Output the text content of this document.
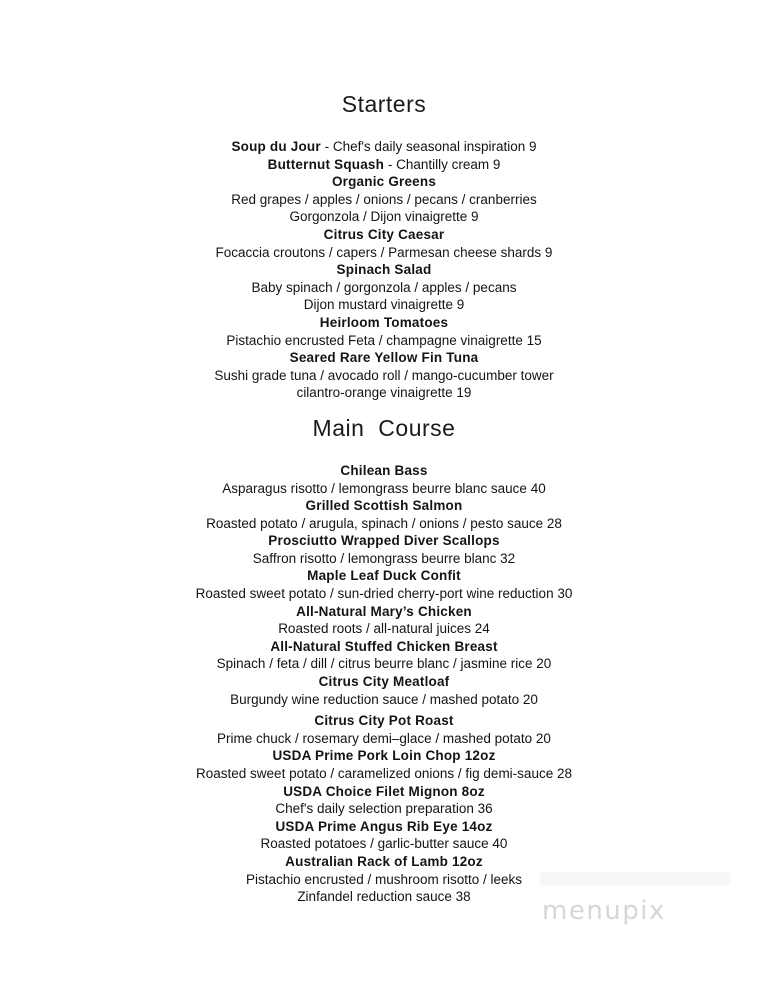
Starters
Soup du Jour - Chef's daily seasonal inspiration 9
Butternut Squash - Chantilly cream 9
Organic Greens
Red grapes / apples / onions / pecans / cranberries
Gorgonzola / Dijon vinaigrette 9
Citrus City Caesar
Focaccia croutons / capers / Parmesan cheese shards 9
Spinach Salad
Baby spinach / gorgonzola / apples / pecans
Dijon mustard vinaigrette 9
Heirloom Tomatoes
Pistachio encrusted Feta / champagne vinaigrette 15
Seared Rare Yellow Fin Tuna
Sushi grade tuna / avocado roll / mango-cucumber tower
cilantro-orange vinaigrette 19
Main Course
Chilean Bass
Asparagus risotto / lemongrass beurre blanc sauce 40
Grilled Scottish Salmon
Roasted potato / arugula, spinach / onions / pesto sauce 28
Prosciutto Wrapped Diver Scallops
Saffron risotto / lemongrass beurre blanc 32
Maple Leaf Duck Confit
Roasted sweet potato / sun-dried cherry-port wine reduction 30
All-Natural Mary’s Chicken
Roasted roots / all-natural juices 24
All-Natural Stuffed Chicken Breast
Spinach / feta / dill / citrus beurre blanc / jasmine rice 20
Citrus City Meatloaf
Burgundy wine reduction sauce / mashed potato 20
Citrus City Pot Roast
Prime chuck / rosemary demi–glace / mashed potato 20
USDA Prime Pork Loin Chop 12oz
Roasted sweet potato / caramelized onions / fig demi-sauce 28
USDA Choice Filet Mignon 8oz
Chef's daily selection preparation 36
USDA Prime Angus Rib Eye 14oz
Roasted potatoes / garlic-butter sauce 40
Australian Rack of Lamb 12oz
Pistachio encrusted / mushroom risotto / leeks
Zinfandel reduction sauce 38	menupix
